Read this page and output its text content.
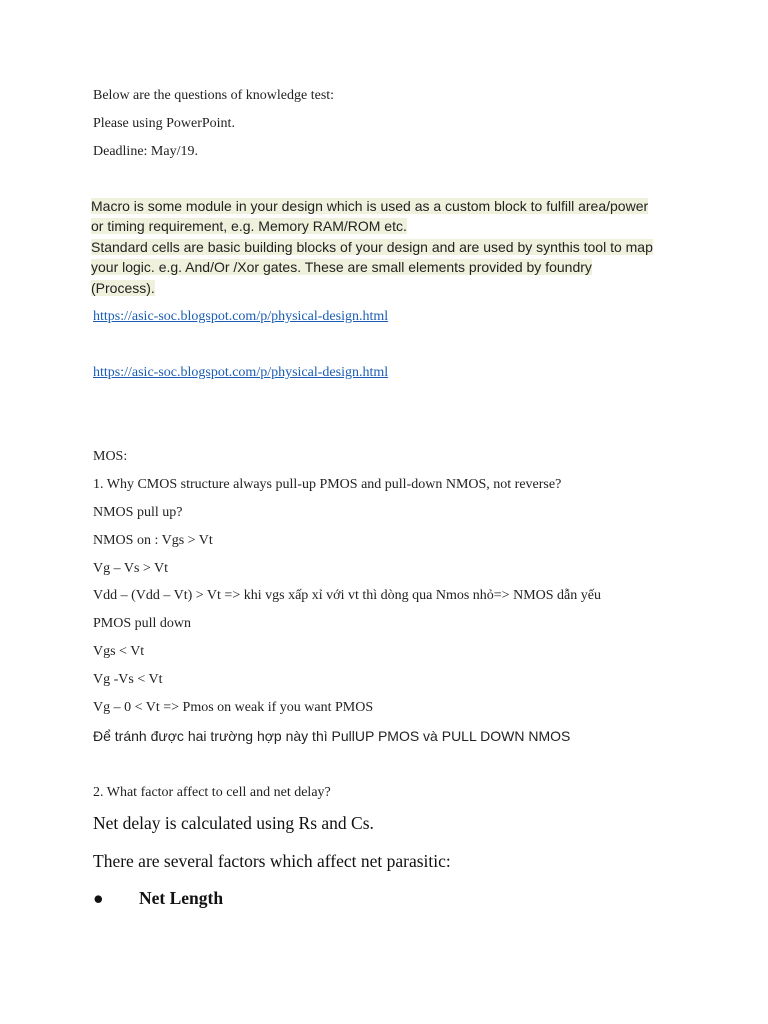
Below are the questions of knowledge test:
Please using PowerPoint.
Deadline: May/19.
Macro is some module in your design which is used as a custom block to fulfill area/power or timing requirement, e.g. Memory RAM/ROM etc.
Standard cells are basic building blocks of your design and are used by synthis tool to map your logic. e.g. And/Or /Xor gates. These are small elements provided by foundry (Process).
https://asic-soc.blogspot.com/p/physical-design.html
https://asic-soc.blogspot.com/p/physical-design.html
MOS:
1. Why CMOS structure always pull-up PMOS and pull-down NMOS, not reverse?
NMOS pull up?
NMOS on : Vgs > Vt
Vg – Vs > Vt
Vdd – (Vdd – Vt) > Vt => khi vgs xấp xỉ với vt thì dòng qua Nmos nhỏ=> NMOS dẫn yếu
PMOS pull down
Vgs < Vt
Vg -Vs < Vt
Vg – 0 < Vt => Pmos on weak if you want PMOS
Để tránh được hai trường hợp này thì PullUP PMOS và PULL DOWN NMOS
2. What factor affect to cell and net delay?
Net delay is calculated using Rs and Cs.
There are several factors which affect net parasitic:
● Net Length
